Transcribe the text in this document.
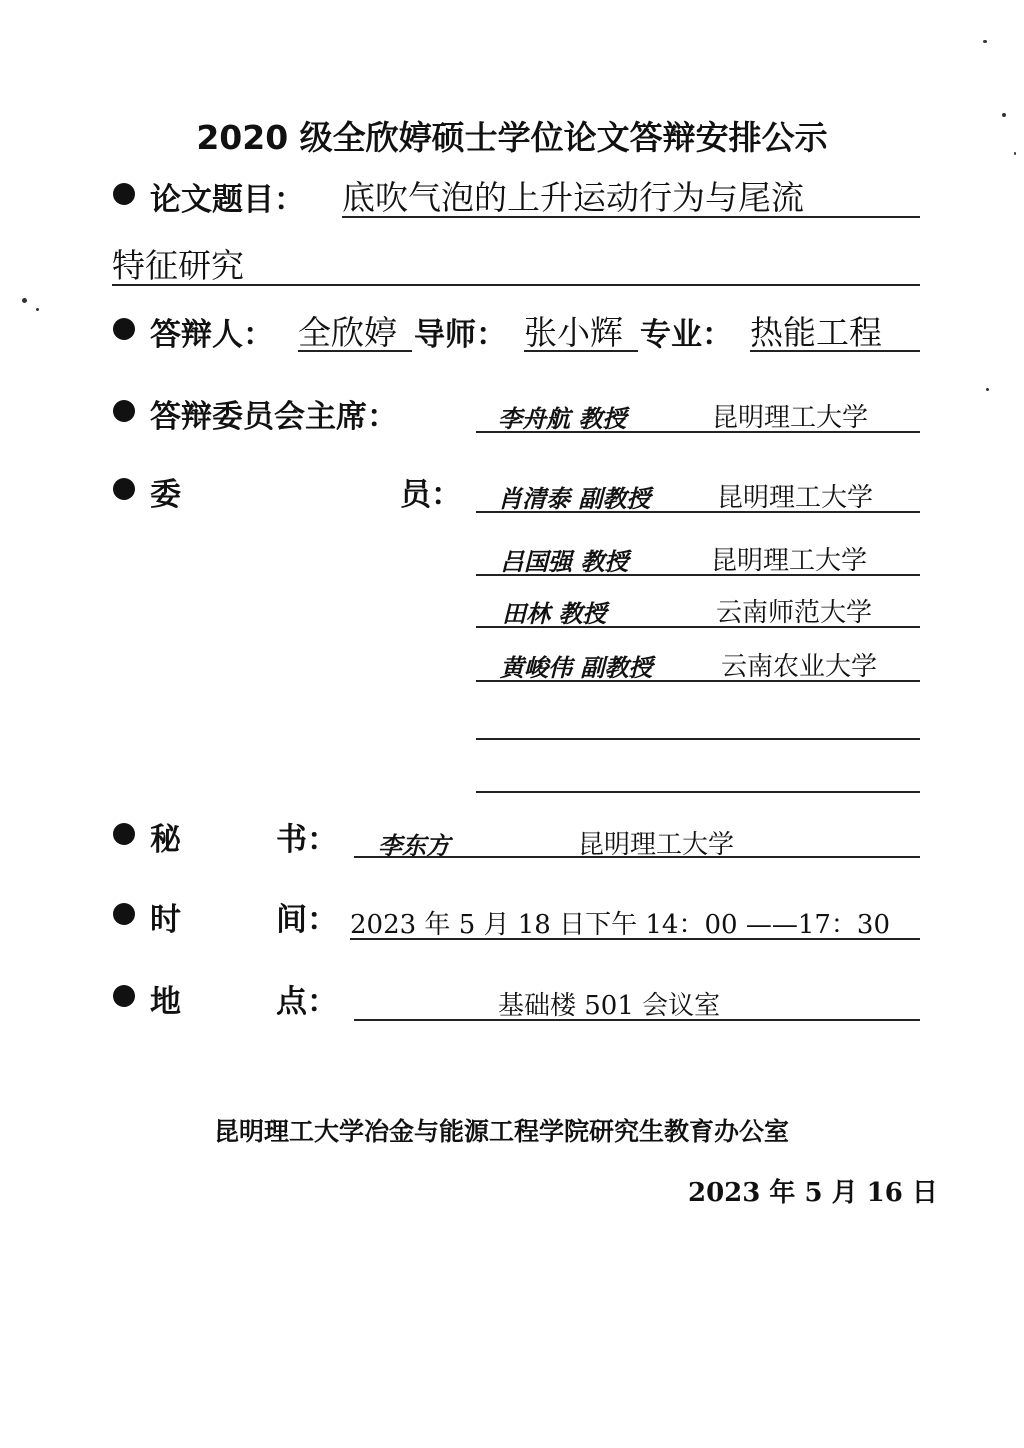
2020 级全欣婷硕士学位论文答辩安排公示
论文题目： 底吹气泡的上升运动行为与尾流
特征研究
答辩人： 全欣婷 导师： 张小辉 专业： 热能工程
答辩委员会主席：	李舟航 教授	昆明理工大学
委	员： 肖清泰 副教授	昆明理工大学
吕国强 教授	昆明理工大学
田林 教授	云南师范大学
黄峻伟 副教授	云南农业大学
秘	书： 李东方	昆明理工大学
时	间： 2023 年 5 月 18 日下午 14：00 ——17：30
地	点：	基础楼 501 会议室
昆明理工大学冶金与能源工程学院研究生教育办公室
2023 年 5 月 16 日
